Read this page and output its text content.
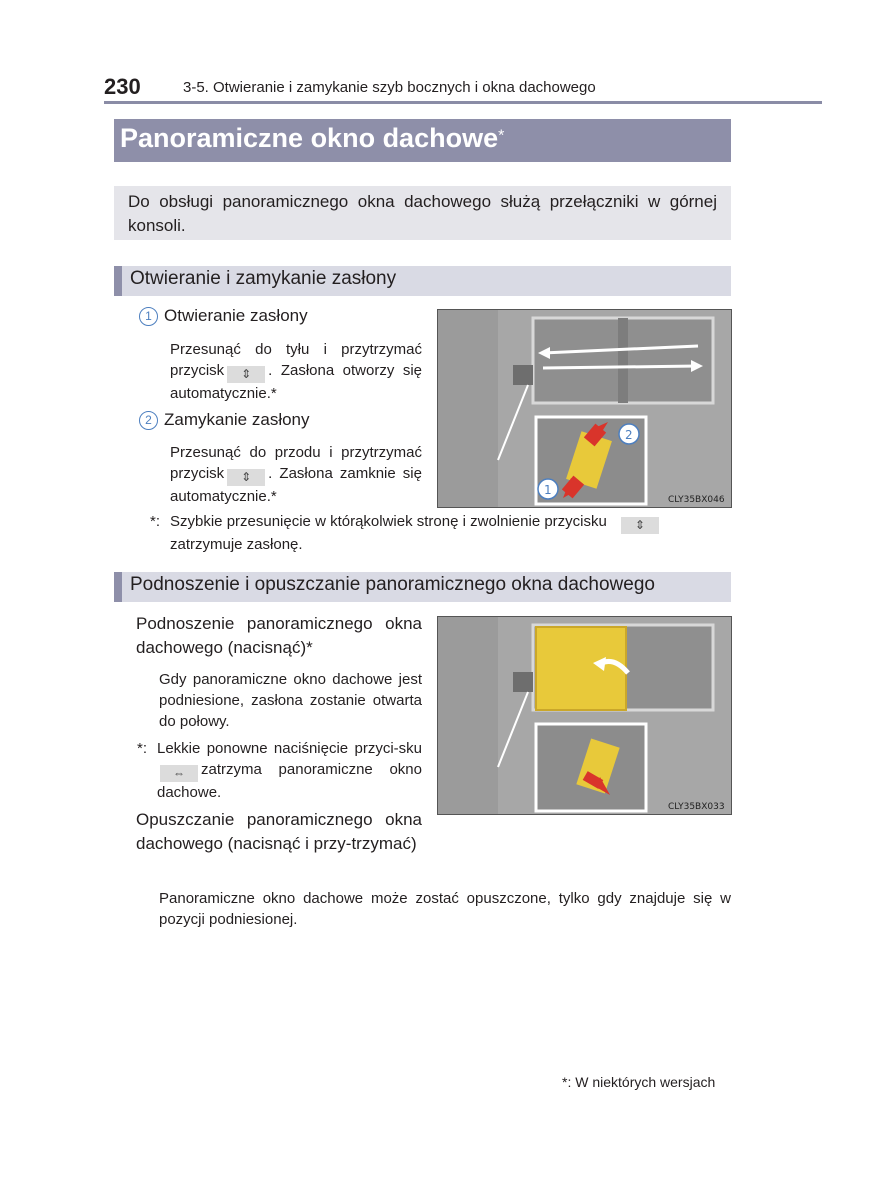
230	3-5. Otwieranie i zamykanie szyb bocznych i okna dachowego
Panoramiczne okno dachowe*
Do obsługi panoramicznego okna dachowego służą przełączniki w górnej konsoli.
Otwieranie i zamykanie zasłony
1 Otwieranie zasłony
Przesunąć do tyłu i przytrzymać przycisk ⇕ . Zasłona otworzy się automatycznie.*
2 Zamykanie zasłony
Przesunąć do przodu i przytrzymać przycisk ⇕ . Zasłona zamknie się automatycznie.*	CLY35BX046
1
2
*: Szybkie przesunięcie w którąkolwiek stronę i zwolnienie przycisku ⇕
zatrzymuje zasłonę.
Podnoszenie i opuszczanie panoramicznego okna dachowego
Podnoszenie panoramicznego okna dachowego (nacisnąć)*
Gdy panoramiczne okno dachowe jest podniesione, zasłona zostanie otwarta do połowy.
*: Lekkie ponowne naciśnięcie przyci-sku⇔ zatrzyma panoramiczne okno dachowe.
Opuszczanie panoramicznego okna dachowego (nacisnąć i przy-trzymać)
CLY35BX033
Panoramiczne okno dachowe może zostać opuszczone, tylko gdy znajduje się w pozycji podniesionej.
*: W niektórych wersjach
